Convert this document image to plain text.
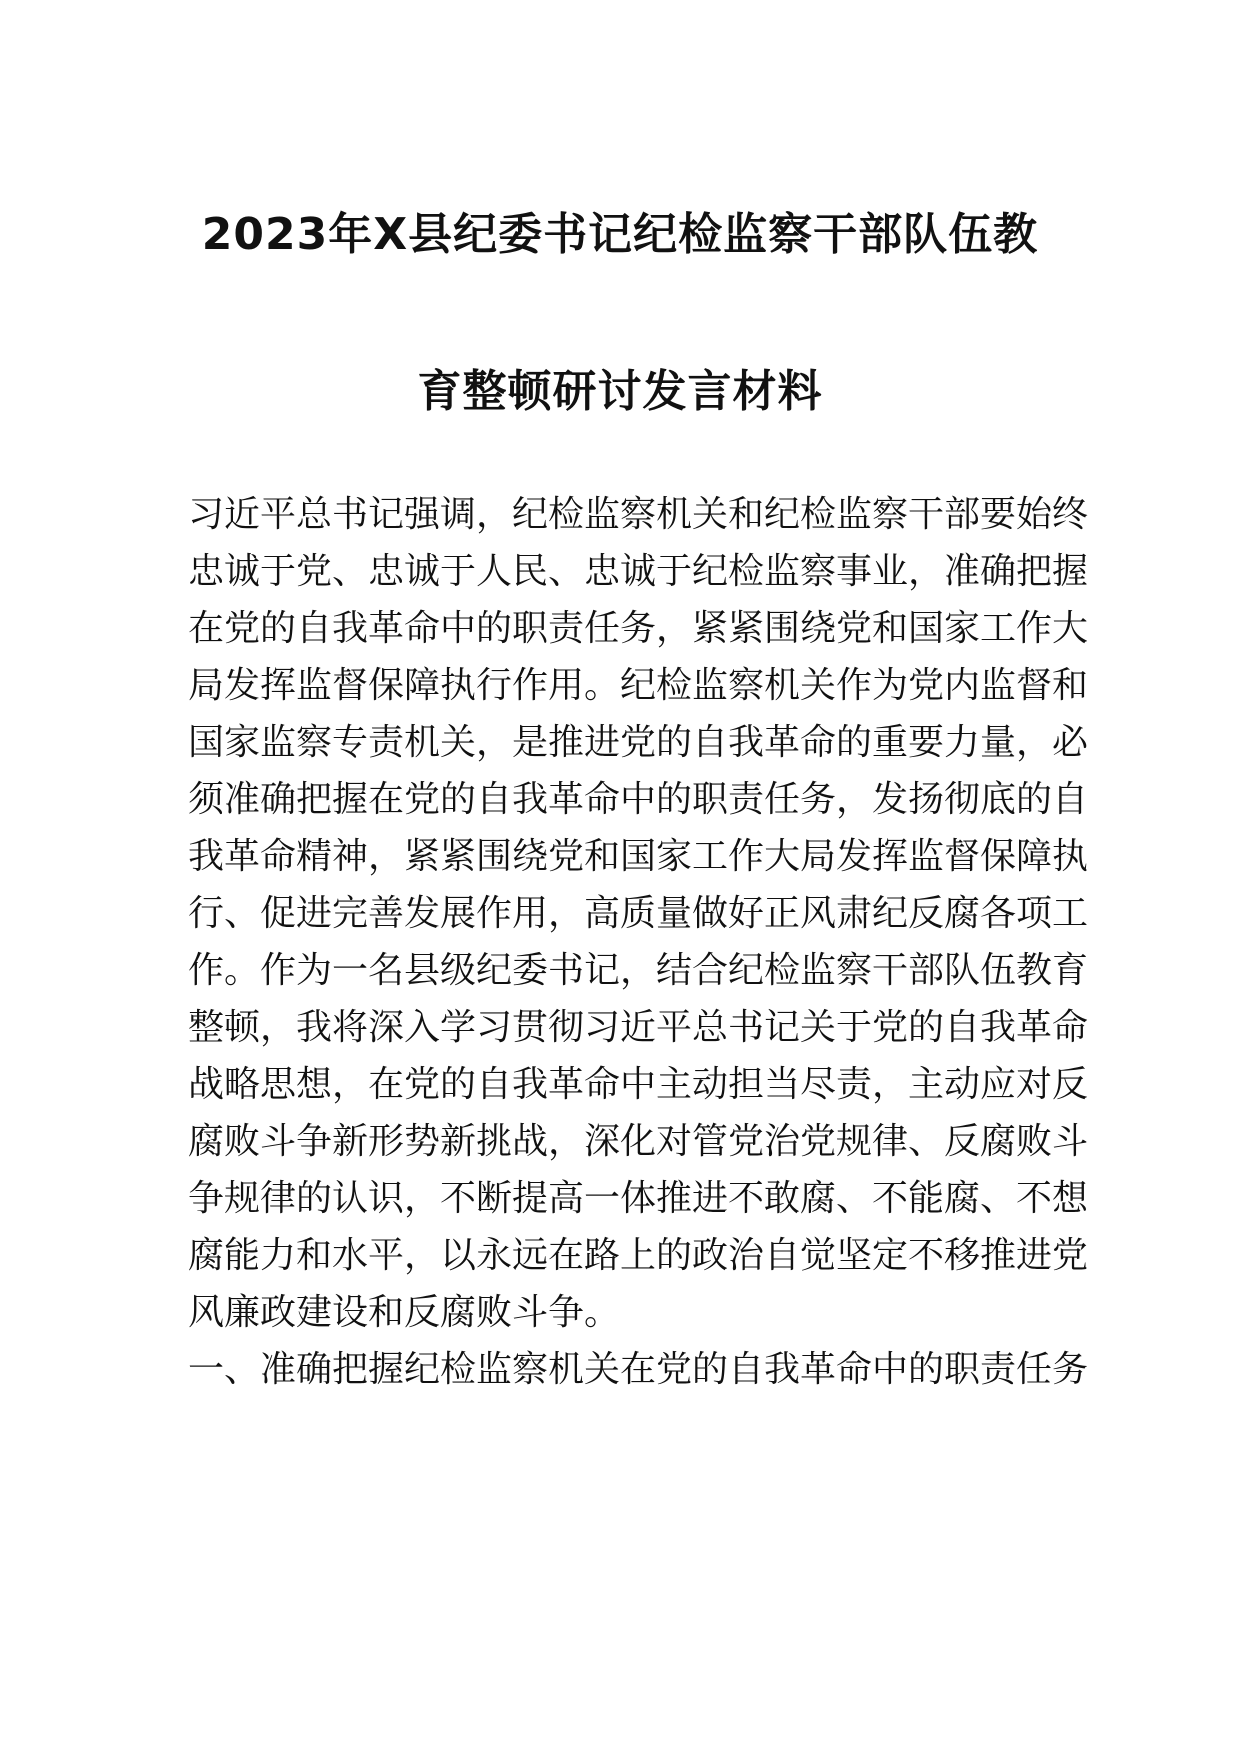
2023年X县纪委书记纪检监察干部队伍教
育整顿研讨发言材料
习近平总书记强调，纪检监察机关和纪检监察干部要始终
忠诚于党、忠诚于人民、忠诚于纪检监察事业，准确把握
在党的自我革命中的职责任务，紧紧围绕党和国家工作大
局发挥监督保障执行作用。纪检监察机关作为党内监督和
国家监察专责机关，是推进党的自我革命的重要力量，必
须准确把握在党的自我革命中的职责任务，发扬彻底的自
我革命精神，紧紧围绕党和国家工作大局发挥监督保障执
行、促进完善发展作用，高质量做好正风肃纪反腐各项工
作。作为一名县级纪委书记，结合纪检监察干部队伍教育
整顿，我将深入学习贯彻习近平总书记关于党的自我革命
战略思想，在党的自我革命中主动担当尽责，主动应对反
腐败斗争新形势新挑战，深化对管党治党规律、反腐败斗
争规律的认识，不断提高一体推进不敢腐、不能腐、不想
腐能力和水平，以永远在路上的政治自觉坚定不移推进党
风廉政建设和反腐败斗争。
一、准确把握纪检监察机关在党的自我革命中的职责任务
